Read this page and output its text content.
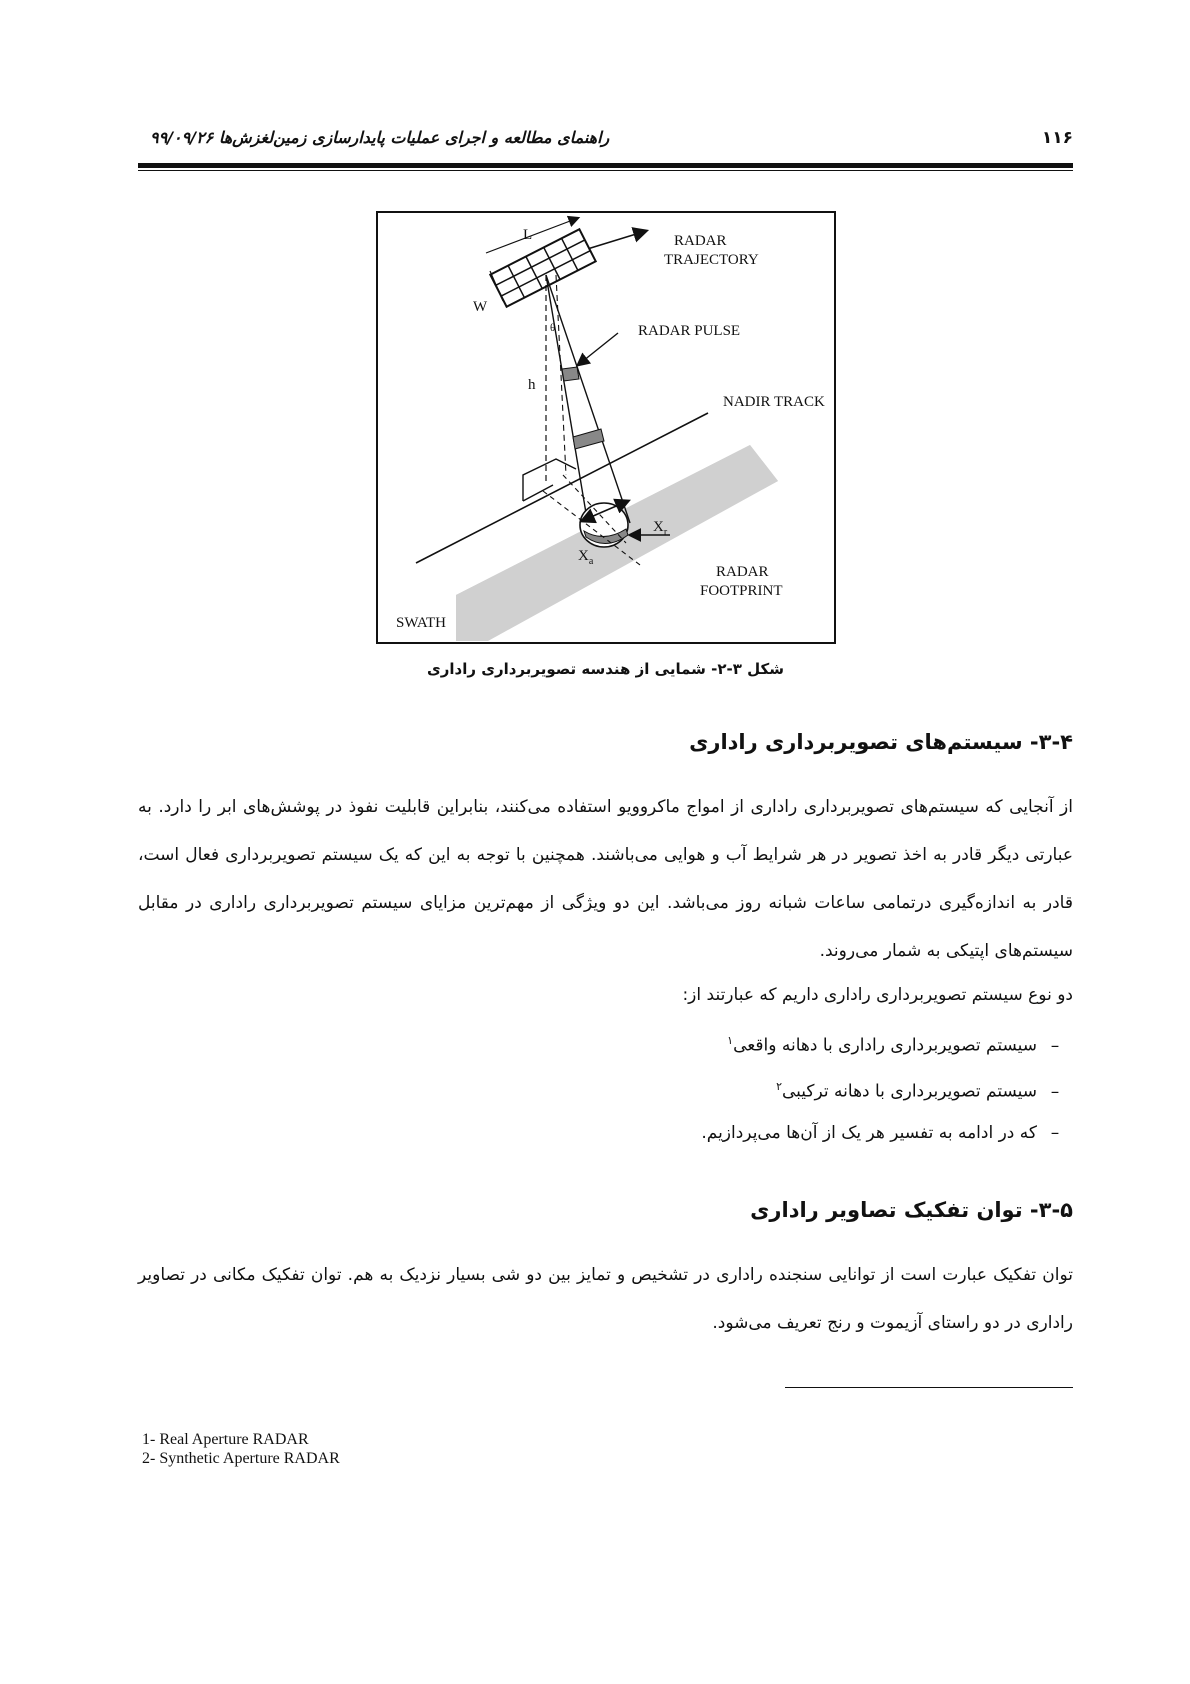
۱۱۶
راهنمای مطالعه و اجرای عملیات پایدارسازی زمین‌لغزش‌ها ۹۹/۰۹/۲۶
L
W
θ
h
RADAR
TRAJECTORY
RADAR PULSE
NADIR TRACK
$X_r$
$X_a$
RADAR
FOOTPRINT
SWATH
شکل ۳-۲- شمایی از هندسه تصویربرداری راداری
۳-۴- سیستم‌های تصویربرداری راداری
از آنجایی که سیستم‌های تصویربرداری راداری از امواج ماکروویو استفاده می‌کنند، بنابراین قابلیت نفوذ در پوشش‌های ابر را دارد. به عبارتی دیگر قادر به اخذ تصویر در هر شرایط آب و هوایی می‌باشند. همچنین با توجه به این که یک سیستم تصویربرداری فعال است، قادر به اندازه‌گیری درتمامی ساعات شبانه روز می‌باشد. این دو ویژگی از مهم‌ترین مزایای سیستم تصویربرداری راداری در مقابل سیستم‌های اپتیکی به شمار می‌روند.
دو نوع سیستم تصویربرداری راداری داریم که عبارتند از:
–سیستم تصویربرداری راداری با دهانه واقعی$^۱$
–سیستم تصویربرداری با دهانه ترکیبی$^۲$
–که در ادامه به تفسیر هر یک از آن‌ها می‌پردازیم.
۳-۵- توان تفکیک تصاویر راداری
توان تفکیک عبارت است از توانایی سنجنده راداری در تشخیص و تمایز بین دو شی بسیار نزدیک به هم. توان تفکیک مکانی در تصاویر راداری در دو راستای آزیموت و رنج تعریف می‌شود.
1- Real Aperture RADAR
2- Synthetic Aperture RADAR
